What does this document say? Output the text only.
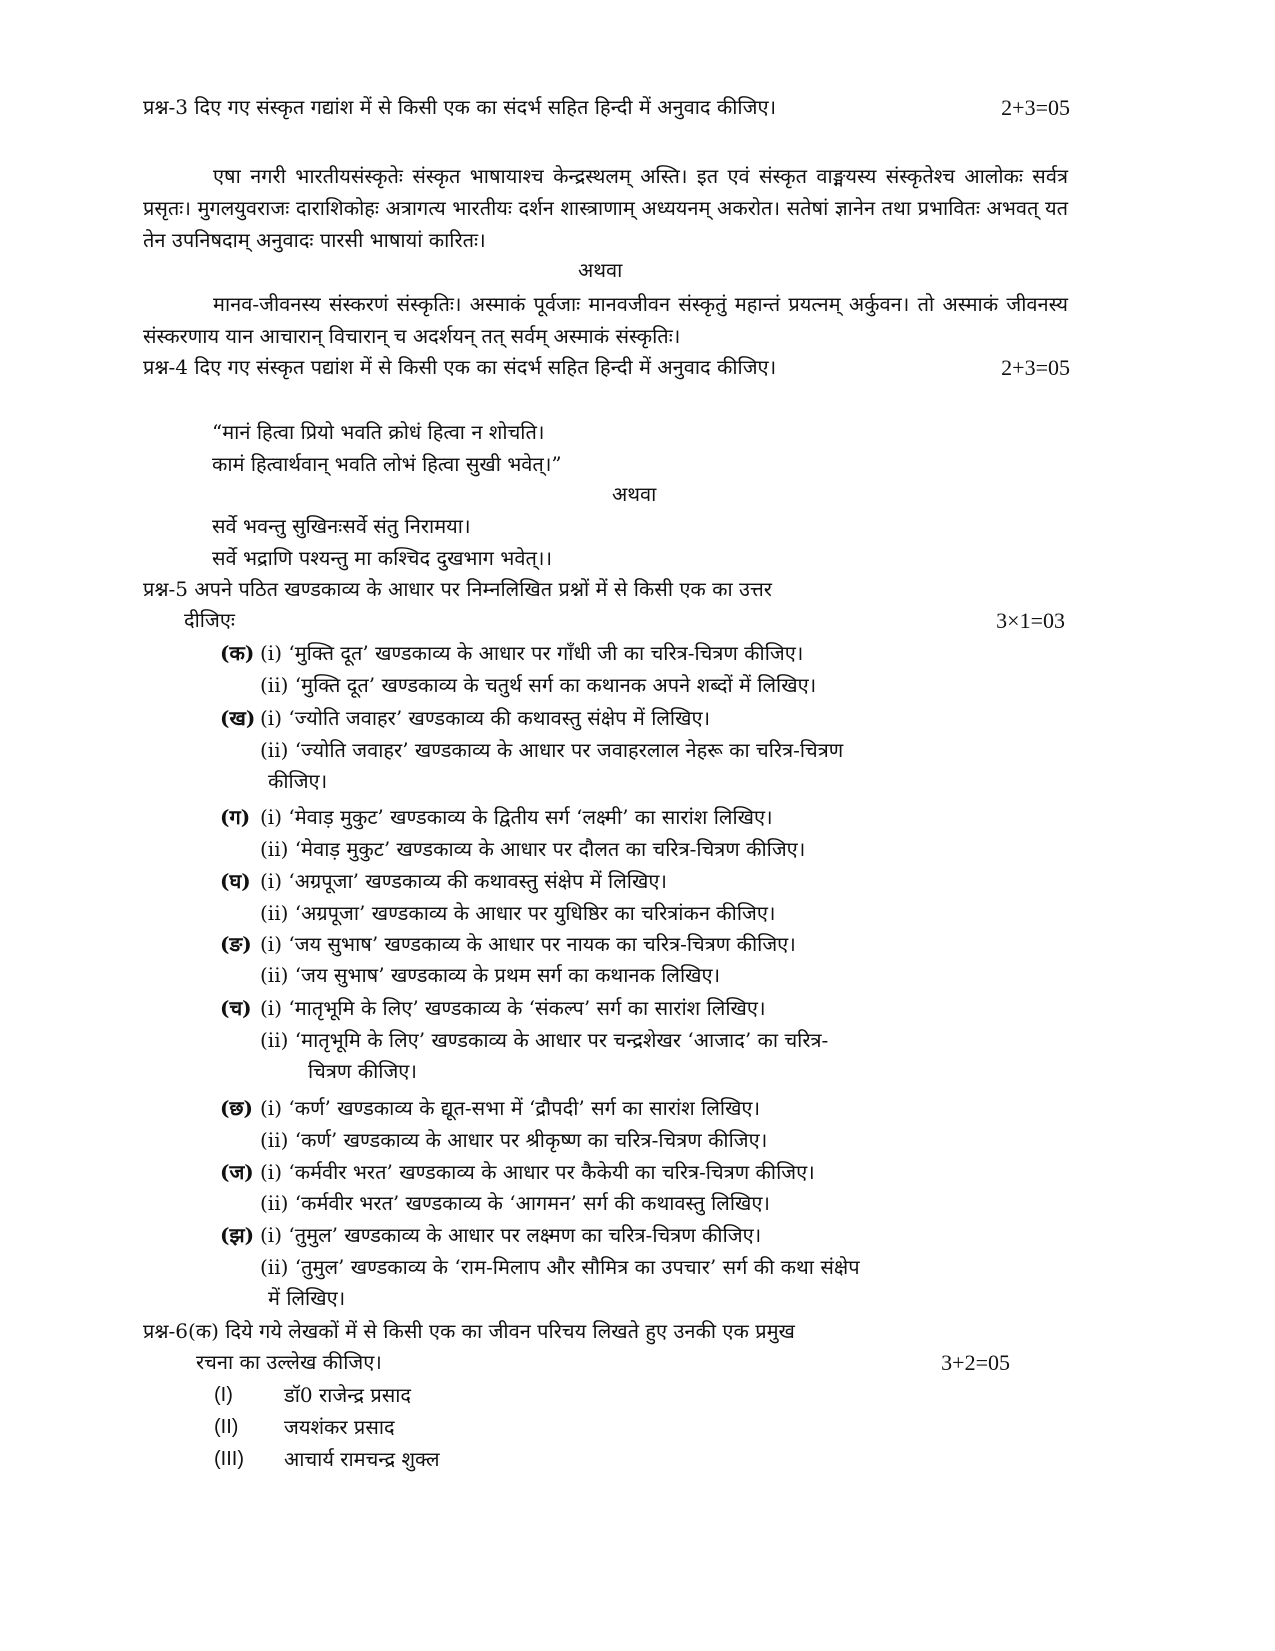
प्रश्न-3 दिए गए संस्कृत गद्यांश में से किसी एक का संदर्भ सहित हिन्दी में अनुवाद कीजिए।	2+3=05
एषा नगरी भारतीयसंस्कृतेः संस्कृत भाषायाश्च केन्द्रस्थलम् अस्ति। इत एवं संस्कृत वाङ्मयस्य संस्कृतेश्च आलोकः सर्वत्र प्रसृतः। मुगलयुवराजः दाराशिकोहः अत्रागत्य भारतीयः दर्शन शास्त्राणाम् अध्ययनम् अकरोत। सतेषां ज्ञानेन तथा प्रभावितः अभवत् यत तेन उपनिषदाम् अनुवादः पारसी भाषायां कारितः।
अथवा
मानव-जीवनस्य संस्करणं संस्कृतिः। अस्माकं पूर्वजाः मानवजीवन संस्कृतुं महान्तं प्रयत्नम् अर्कुवन। तो अस्माकं जीवनस्य संस्करणाय यान आचारान् विचारान् च अदर्शयन् तत् सर्वम् अस्माकं संस्कृतिः।
प्रश्न-4 दिए गए संस्कृत पद्यांश में से किसी एक का संदर्भ सहित हिन्दी में अनुवाद कीजिए।	2+3=05
“मानं हित्वा प्रियो भवति क्रोधं हित्वा न शोचति।
कामं हित्वार्थवान् भवति लोभं हित्वा सुखी भवेत्।”
अथवा
सर्वे भवन्तु सुखिनःसर्वे संतु निरामया।
सर्वे भद्राणि पश्यन्तु मा कश्चिद दुखभाग भवेत्।।
प्रश्न-5 अपने पठित खण्डकाव्य के आधार पर निम्नलिखित प्रश्नों में से किसी एक का उत्तर
दीजिएः	3×1=03
(क) (i) ‘मुक्ति दूत’ खण्डकाव्य के आधार पर गाँधी जी का चरित्र-चित्रण कीजिए।
(ii) ‘मुक्ति दूत’ खण्डकाव्य के चतुर्थ सर्ग का कथानक अपने शब्दों में लिखिए।
(ख) (i) ‘ज्योति जवाहर’ खण्डकाव्य की कथावस्तु संक्षेप में लिखिए।
(ii) ‘ज्योति जवाहर’ खण्डकाव्य के आधार पर जवाहरलाल नेहरू का चरित्र-चित्रण
कीजिए।
(ग) (i) ‘मेवाड़ मुकुट’ खण्डकाव्य के द्वितीय सर्ग ‘लक्ष्मी’ का सारांश लिखिए।
(ii) ‘मेवाड़ मुकुट’ खण्डकाव्य के आधार पर दौलत का चरित्र-चित्रण कीजिए।
(घ) (i) ‘अग्रपूजा’ खण्डकाव्य की कथावस्तु संक्षेप में लिखिए।
(ii) ‘अग्रपूजा’ खण्डकाव्य के आधार पर युधिष्ठिर का चरित्रांकन कीजिए।
(ङ) (i) ‘जय सुभाष’ खण्डकाव्य के आधार पर नायक का चरित्र-चित्रण कीजिए।
(ii) ‘जय सुभाष’ खण्डकाव्य के प्रथम सर्ग का कथानक लिखिए।
(च) (i) ‘मातृभूमि के लिए’ खण्डकाव्य के ‘संकल्प’ सर्ग का सारांश लिखिए।
(ii) ‘मातृभूमि के लिए’ खण्डकाव्य के आधार पर चन्द्रशेखर ‘आजाद’ का चरित्र-
चित्रण कीजिए।
(छ) (i) ‘कर्ण’ खण्डकाव्य के द्यूत-सभा में ‘द्रौपदी’ सर्ग का सारांश लिखिए।
(ii) ‘कर्ण’ खण्डकाव्य के आधार पर श्रीकृष्ण का चरित्र-चित्रण कीजिए।
(ज) (i) ‘कर्मवीर भरत’ खण्डकाव्य के आधार पर कैकेयी का चरित्र-चित्रण कीजिए।
(ii) ‘कर्मवीर भरत’ खण्डकाव्य के ‘आगमन’ सर्ग की कथावस्तु लिखिए।
(झ) (i) ‘तुमुल’ खण्डकाव्य के आधार पर लक्ष्मण का चरित्र-चित्रण कीजिए।
(ii) ‘तुमुल’ खण्डकाव्य के ‘राम-मिलाप और सौमित्र का उपचार’ सर्ग की कथा संक्षेप
में लिखिए।
प्रश्न-6(क) दिये गये लेखकों में से किसी एक का जीवन परिचय लिखते हुए उनकी एक प्रमुख
रचना का उल्लेख कीजिए।	3+2=05
(I)	डॉ0 राजेन्द्र प्रसाद
(II) जयशंकर प्रसाद
(III) आचार्य रामचन्द्र शुक्ल
